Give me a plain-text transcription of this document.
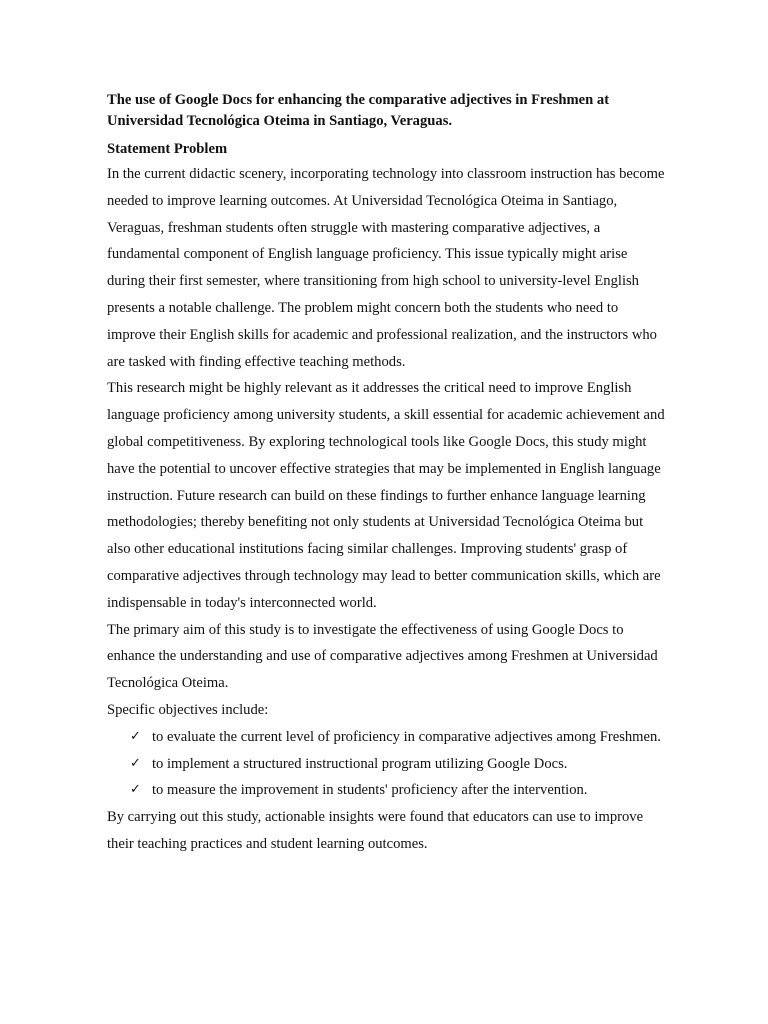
The use of Google Docs for enhancing the comparative adjectives in Freshmen at Universidad Tecnológica Oteima in Santiago, Veraguas.

Statement Problem

In the current didactic scenery, incorporating technology into classroom instruction has become needed to improve learning outcomes. At Universidad Tecnológica Oteima in Santiago, Veraguas, freshman students often struggle with mastering comparative adjectives, a fundamental component of English language proficiency. This issue typically might arise during their first semester, where transitioning from high school to university-level English presents a notable challenge. The problem might concern both the students who need to improve their English skills for academic and professional realization, and the instructors who are tasked with finding effective teaching methods.

This research might be highly relevant as it addresses the critical need to improve English language proficiency among university students, a skill essential for academic achievement and global competitiveness. By exploring technological tools like Google Docs, this study might have the potential to uncover effective strategies that may be implemented in English language instruction. Future research can build on these findings to further enhance language learning methodologies; thereby benefiting not only students at Universidad Tecnológica Oteima but also other educational institutions facing similar challenges. Improving students' grasp of comparative adjectives through technology may lead to better communication skills, which are indispensable in today's interconnected world.

The primary aim of this study is to investigate the effectiveness of using Google Docs to enhance the understanding and use of comparative adjectives among Freshmen at Universidad Tecnológica Oteima.

Specific objectives include:

✓ to evaluate the current level of proficiency in comparative adjectives among Freshmen.
✓ to implement a structured instructional program utilizing Google Docs.
✓ to measure the improvement in students' proficiency after the intervention.

By carrying out this study, actionable insights were found that educators can use to improve their teaching practices and student learning outcomes.
